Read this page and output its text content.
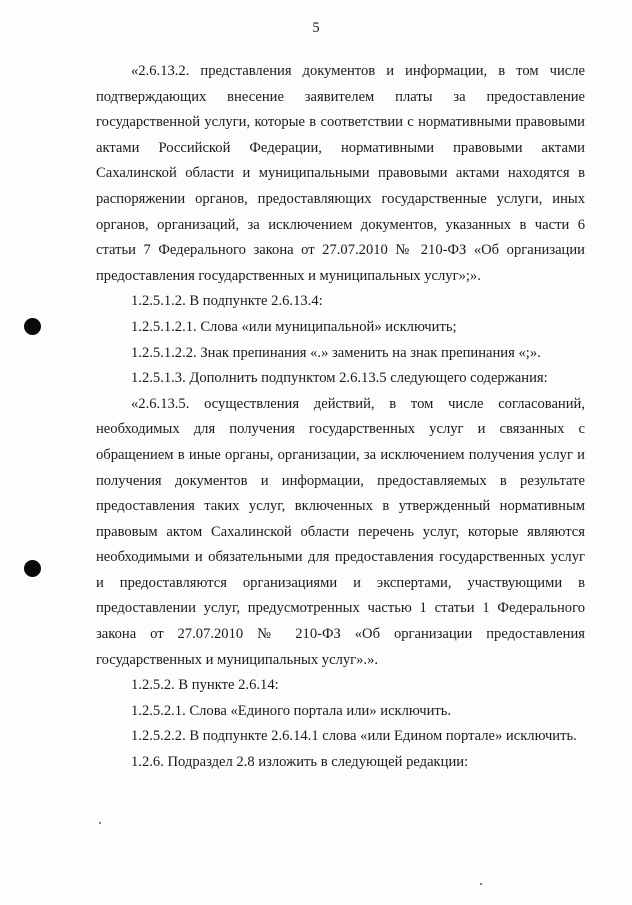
5

«2.6.13.2. представления документов и информации, в том числе подтверждающих внесение заявителем платы за предоставление государственной услуги, которые в соответствии с нормативными правовыми актами Российской Федерации, нормативными правовыми актами Сахалинской области и муниципальными правовыми актами находятся в распоряжении органов, предоставляющих государственные услуги, иных органов, организаций, за исключением документов, указанных в части 6 статьи 7 Федерального закона от 27.07.2010 № 210-ФЗ «Об организации предоставления государственных и муниципальных услуг»;».

1.2.5.1.2. В подпункте 2.6.13.4:

1.2.5.1.2.1. Слова «или муниципальной» исключить;

1.2.5.1.2.2. Знак препинания «.» заменить на знак препинания «;».

1.2.5.1.3. Дополнить подпунктом 2.6.13.5 следующего содержания:

«2.6.13.5. осуществления действий, в том числе согласований, необходимых для получения государственных услуг и связанных с обращением в иные органы, организации, за исключением получения услуг и получения документов и информации, предоставляемых в результате предоставления таких услуг, включенных в утвержденный нормативным правовым актом Сахалинской области перечень услуг, которые являются необходимыми и обязательными для предоставления государственных услуг и предоставляются организациями и экспертами, участвующими в предоставлении услуг, предусмотренных частью 1 статьи 1 Федерального закона от 27.07.2010 № 210-ФЗ «Об организации предоставления государственных и муниципальных услуг».».

1.2.5.2. В пункте 2.6.14:

1.2.5.2.1. Слова «Единого портала или» исключить.

1.2.5.2.2. В подпункте 2.6.14.1 слова «или Едином портале» исключить.

1.2.6. Подраздел 2.8 изложить в следующей редакции:
